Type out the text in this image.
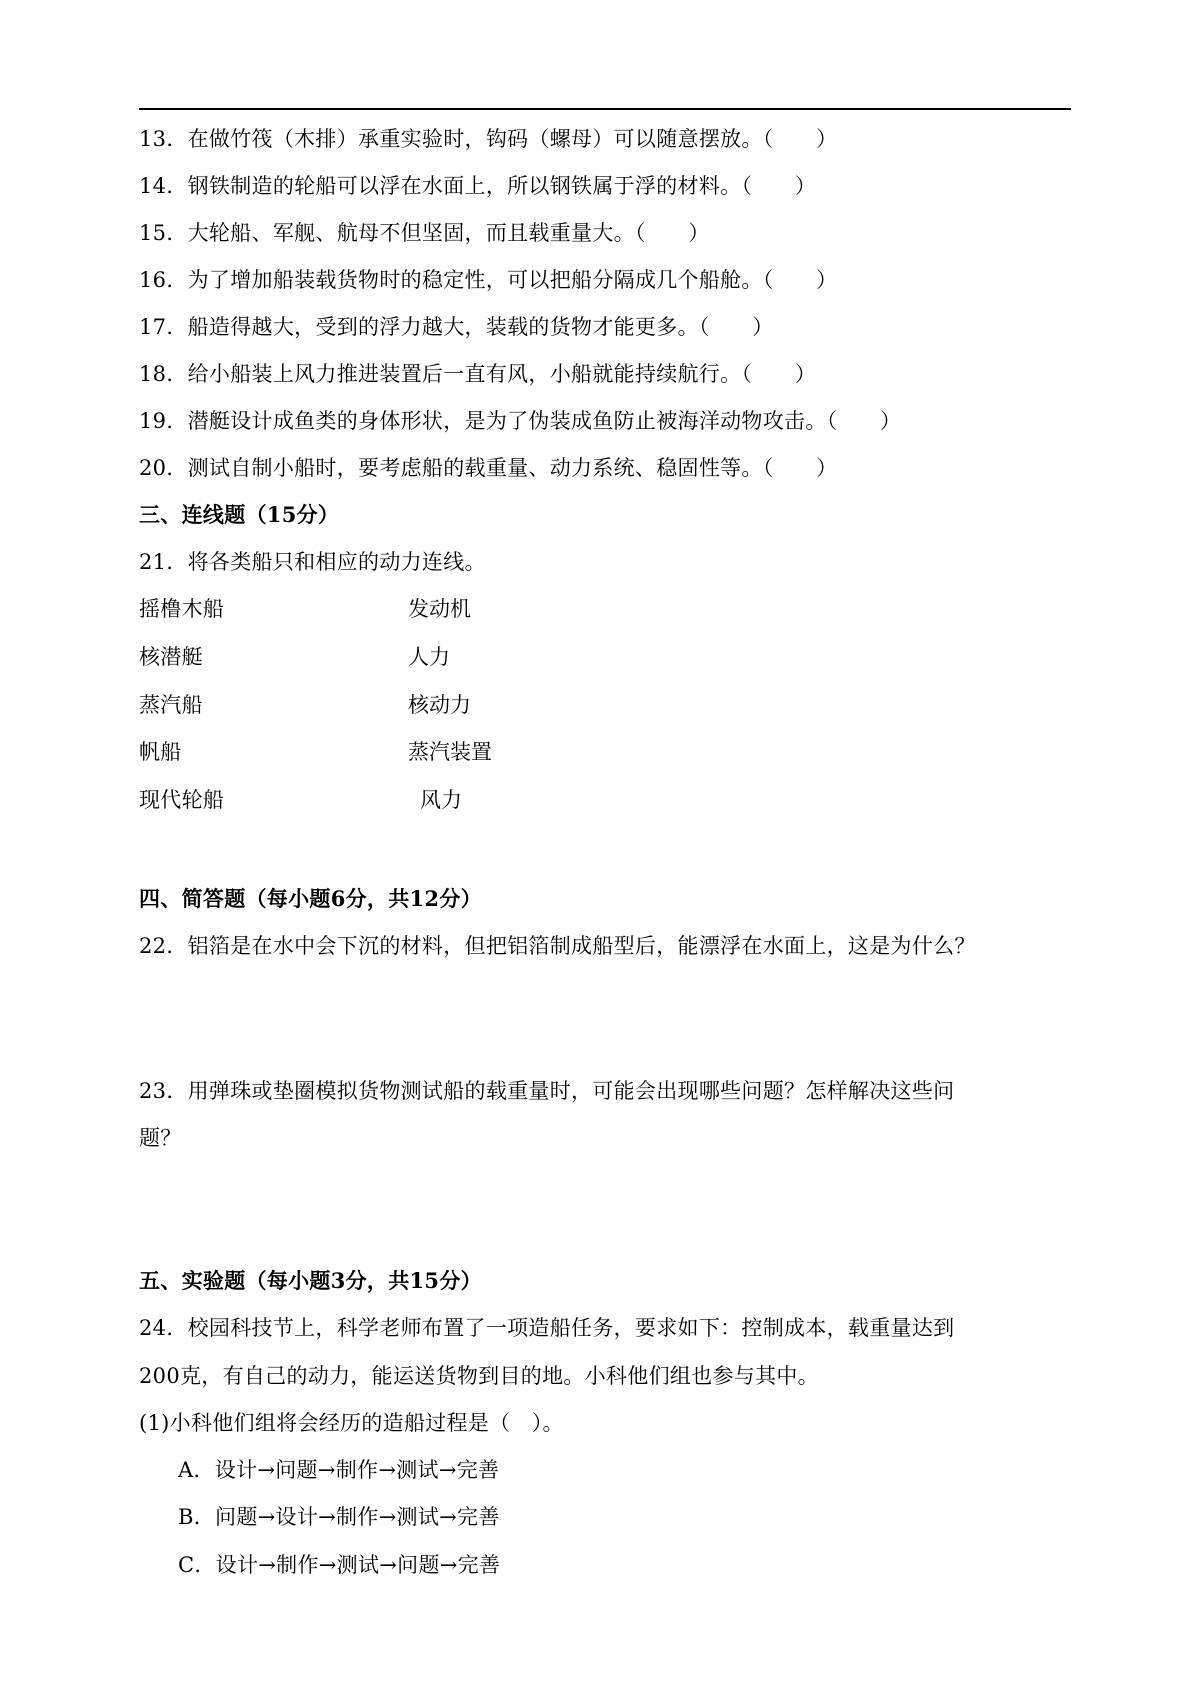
13．在做竹筏（木排）承重实验时，钩码（螺母）可以随意摆放。（　　）
14．钢铁制造的轮船可以浮在水面上，所以钢铁属于浮的材料。（　　）
15．大轮船、军舰、航母不但坚固，而且载重量大。（　　）
16．为了增加船装载货物时的稳定性，可以把船分隔成几个船舱。（　　）
17．船造得越大，受到的浮力越大，装载的货物才能更多。（　　）
18．给小船装上风力推进装置后一直有风，小船就能持续航行。（　　）
19．潜艇设计成鱼类的身体形状，是为了伪装成鱼防止被海洋动物攻击。（　　）
20．测试自制小船时，要考虑船的载重量、动力系统、稳固性等。（　　）
三、连线题（15分）
21．将各类船只和相应的动力连线。
摇橹木船
核潜艇
蒸汽船
帆船
现代轮船
发动机
人力
核动力
蒸汽装置
风力
四、简答题（每小题6分，共12分）
22．铝箔是在水中会下沉的材料，但把铝箔制成船型后，能漂浮在水面上，这是为什么？
23．用弹珠或垫圈模拟货物测试船的载重量时，可能会出现哪些问题？怎样解决这些问
题？
五、实验题（每小题3分，共15分）
24．校园科技节上，科学老师布置了一项造船任务，要求如下：控制成本，载重量达到
200克，有自己的动力，能运送货物到目的地。小科他们组也参与其中。
(1)小科他们组将会经历的造船过程是（　）。
A．设计→问题→制作→测试→完善
B．问题→设计→制作→测试→完善
C．设计→制作→测试→问题→完善
